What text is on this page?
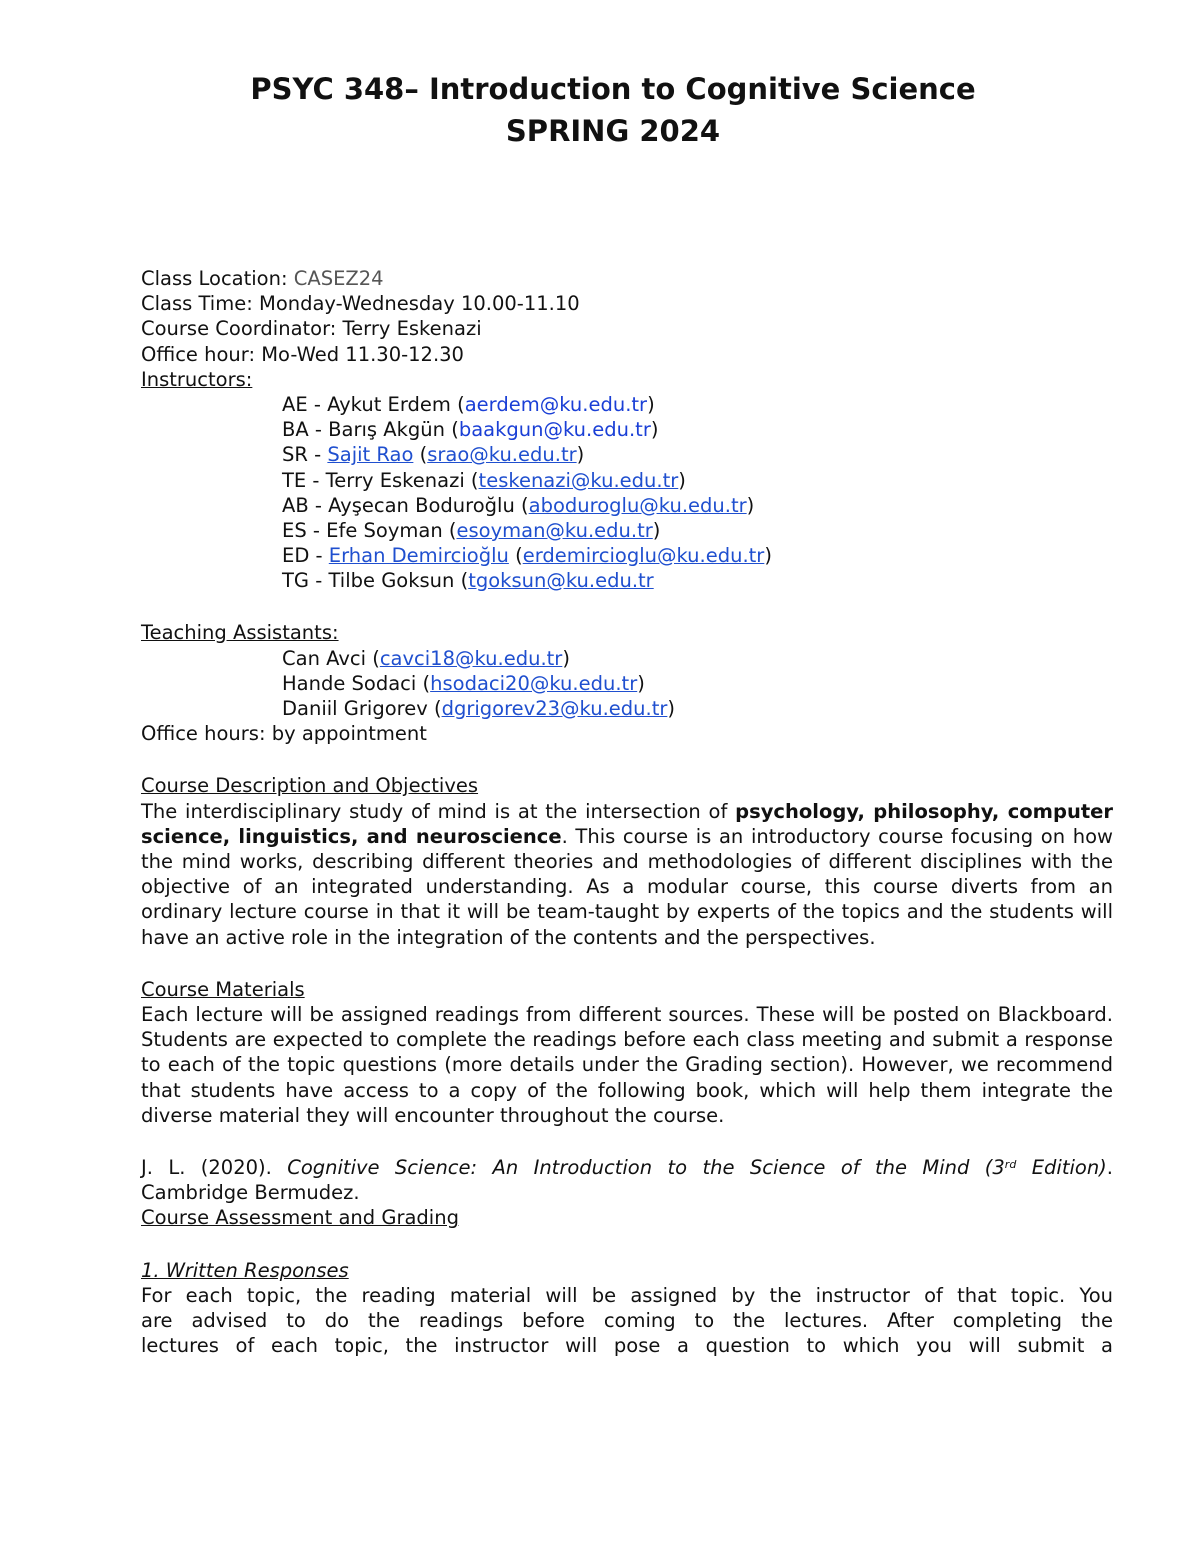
PSYC 348– Introduction to Cognitive Science
SPRING 2024
Class Location: CASEZ24
Class Time: Monday-Wednesday 10.00-11.10
Course Coordinator: Terry Eskenazi
Office hour: Mo-Wed 11.30-12.30
Instructors:
AE - Aykut Erdem (aerdem@ku.edu.tr)
BA - Barış Akgün (baakgun@ku.edu.tr)
SR - Sajit Rao (srao@ku.edu.tr)
TE - Terry Eskenazi (teskenazi@ku.edu.tr)
AB - Ayşecan Boduroğlu (aboduroglu@ku.edu.tr)
ES - Efe Soyman (esoyman@ku.edu.tr)
ED - Erhan Demircioğlu (erdemircioglu@ku.edu.tr)
TG - Tilbe Goksun (tgoksun@ku.edu.tr
Teaching Assistants:
Can Avci (cavci18@ku.edu.tr)
Hande Sodaci (hsodaci20@ku.edu.tr)
Daniil Grigorev (dgrigorev23@ku.edu.tr)
Office hours: by appointment
Course Description and Objectives
The interdisciplinary study of mind is at the intersection of psychology, philosophy, computer science, linguistics, and neuroscience. This course is an introductory course focusing on how the mind works, describing different theories and methodologies of different disciplines with the objective of an integrated understanding. As a modular course, this course diverts from an ordinary lecture course in that it will be team-taught by experts of the topics and the students will have an active role in the integration of the contents and the perspectives.
Course Materials
Each lecture will be assigned readings from different sources. These will be posted on Blackboard. Students are expected to complete the readings before each class meeting and submit a response to each of the topic questions (more details under the Grading section). However, we recommend that students have access to a copy of the following book, which will help them integrate the diverse material they will encounter throughout the course.
J. L. (2020). Cognitive Science: An Introduction to the Science of the Mind (3rd Edition).
Cambridge Bermudez.
Course Assessment and Grading
1. Written Responses
For each topic, the reading material will be assigned by the instructor of that topic. You
are advised to do the readings before coming to the lectures. After completing the
lectures of each topic, the instructor will pose a question to which you will submit a
